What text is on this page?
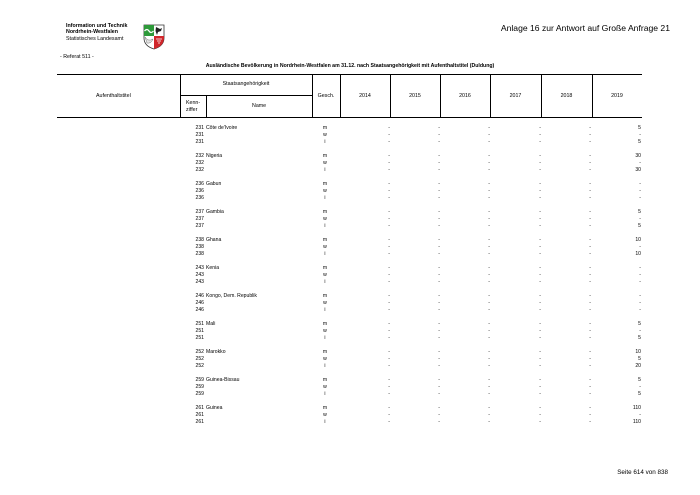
Information und Technik
Nordrhein-Westfalen
Statistisches Landesamt
Anlage 16 zur Antwort auf Große Anfrage 21
- Referat 511 -
Ausländische Bevölkerung in Nordrhein-Westfalen am 31.12. nach Staatsangehörigkeit mit Aufenthaltstitel (Duldung)
Aufenthaltstitel
Staatsangehörigkeit
Kenn-
ziffer
Name
Gesch.	2014	2015	2016	2017	2018	2019
231 Côte de'Ivoire	m	-	-	-	-	-	5
231	w	-	-	-	-	-	-
231	i	-	-	-	-	-	5
232 Nigeria	m	-	-	-	-	-	30
232	w	-	-	-	-	-	-
232	i	-	-	-	-	-	30
236 Gabun	m	-	-	-	-	-	-
236	w	-	-	-	-	-	-
236	i	-	-	-	-	-	-
237 Gambia	m	-	-	-	-	-	5
237	w	-	-	-	-	-	-
237	i	-	-	-	-	-	5
238 Ghana	m	-	-	-	-	-	10
238	w	-	-	-	-	-	-
238	i	-	-	-	-	-	10
243 Kenia	m	-	-	-	-	-	-
243	w	-	-	-	-	-	-
243	i	-	-	-	-	-	-
246 Kongo, Dem. Republik	m	-	-	-	-	-	-
246	w	-	-	-	-	-	-
246	i	-	-	-	-	-	-
251 Mali	m	-	-	-	-	-	5
251	w	-	-	-	-	-	-
251	i	-	-	-	-	-	5
252 Marokko	m	-	-	-	-	-	10
252	w	-	-	-	-	-	5
252	i	-	-	-	-	-	20
259 Guinea-Bissau	m	-	-	-	-	-	5
259	w	-	-	-	-	-	-
259	i	-	-	-	-	-	5
261 Guinea	m	-	-	-	-	-	110
261	w	-	-	-	-	-	-
261	i	-	-	-	-	-	110
Seite 614 von 838
